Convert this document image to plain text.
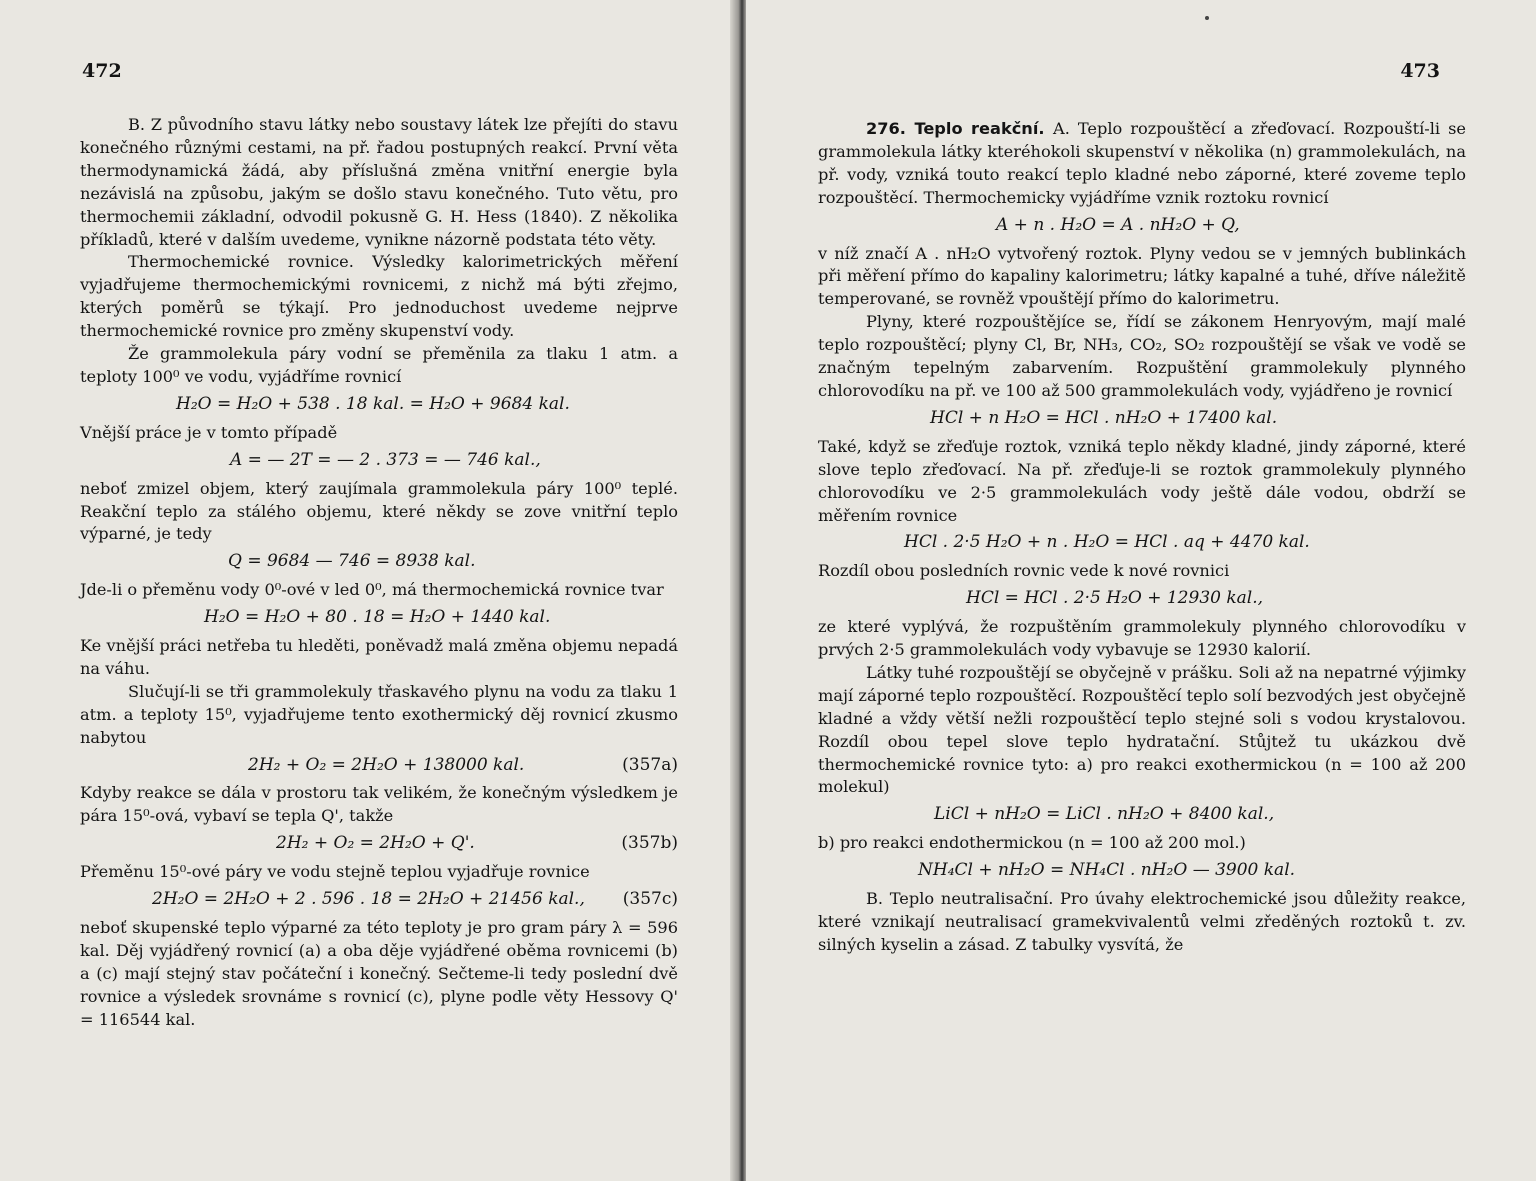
472

B. Z původního stavu látky nebo soustavy látek lze přejíti do stavu konečného různými cestami, na př. řadou postupných reakcí. První věta thermodynamická žádá, aby příslušná změna vnitřní energie byla nezávislá na způsobu, jakým se došlo stavu konečného. Tuto větu, pro thermochemii základní, odvodil pokusně G. H. Hess (1840). Z několika příkladů, které v dalším uvedeme, vynikne názorně podstata této věty.

Thermochemické rovnice. Výsledky kalorimetrických měření vyjadřujeme thermochemickými rovnicemi, z nichž má býti zřejmo, kterých poměrů se týkají. Pro jednoduchost uvedeme nejprve thermochemické rovnice pro změny skupenství vody.

Že grammolekula páry vodní se přeměnila za tlaku 1 atm. a teploty 100⁰ ve vodu, vyjádříme rovnicí

H₂O = H₂O + 538 . 18 kal. = H₂O + 9684 kal.

Vnější práce je v tomto případě

A = — 2T = — 2 . 373 = — 746 kal.,

neboť zmizel objem, který zaujímala grammolekula páry 100⁰ teplé. Reakční teplo za stálého objemu, které někdy se zove vnitřní teplo výparné, je tedy

Q = 9684 — 746 = 8938 kal.

Jde-li o přeměnu vody 0⁰-ové v led 0⁰, má thermochemická rovnice tvar

H₂O = H₂O + 80 . 18 = H₂O + 1440 kal.

Ke vnější práci netřeba tu hleděti, poněvadž malá změna objemu nepadá na váhu.

Slučují-li se tři grammolekuly třaskavého plynu na vodu za tlaku 1 atm. a teploty 15⁰, vyjadřujeme tento exothermický děj rovnicí zkusmo nabytou

2H₂ + O₂ = 2H₂O + 138000 kal.	(357a)

Kdyby reakce se dála v prostoru tak velikém, že konečným výsledkem je pára 15⁰-ová, vybaví se tepla Q', takže

2H₂ + O₂ = 2H₂O + Q'.	(357b)

Přeměnu 15⁰-ové páry ve vodu stejně teplou vyjadřuje rovnice

2H₂O = 2H₂O + 2 . 596 . 18 = 2H₂O + 21456 kal., (357c)

neboť skupenské teplo výparné za této teploty je pro gram páry λ = 596 kal. Děj vyjádřený rovnicí (a) a oba děje vyjádřené oběma rovnicemi (b) a (c) mají stejný stav počáteční i konečný. Sečteme-li tedy poslední dvě rovnice a výsledek srovnáme s rovnicí (c), plyne podle věty Hessovy Q' = 116544 kal.

473

276. Teplo reakční. A. Teplo rozpouštěcí a zřeďovací. Rozpouští-li se grammolekula látky kteréhokoli skupenství v několika (n) grammolekulách, na př. vody, vzniká touto reakcí teplo kladné nebo záporné, které zoveme teplo rozpouštěcí. Thermochemicky vyjádříme vznik roztoku rovnicí

A + n . H₂O = A . nH₂O + Q,

v níž značí A . nH₂O vytvořený roztok. Plyny vedou se v jemných bublinkách při měření přímo do kapaliny kalorimetru; látky kapalné a tuhé, dříve náležitě temperované, se rovněž vpouštějí přímo do kalorimetru.

Plyny, které rozpouštějíce se, řídí se zákonem Henryovým, mají malé teplo rozpouštěcí; plyny Cl, Br, NH₃, CO₂, SO₂ rozpouštějí se však ve vodě se značným tepelným zabarvením. Rozpuštění grammolekuly plynného chlorovodíku na př. ve 100 až 500 grammolekulách vody, vyjádřeno je rovnicí

HCl + n H₂O = HCl . nH₂O + 17400 kal.

Také, když se zřeďuje roztok, vzniká teplo někdy kladné, jindy záporné, které slove teplo zřeďovací. Na př. zřeďuje-li se roztok grammolekuly plynného chlorovodíku ve 2·5 grammolekulách vody ještě dále vodou, obdrží se měřením rovnice

HCl . 2·5 H₂O + n . H₂O = HCl . aq + 4470 kal.

Rozdíl obou posledních rovnic vede k nové rovnici

HCl = HCl . 2·5 H₂O + 12930 kal.,

ze které vyplývá, že rozpuštěním grammolekuly plynného chlorovodíku v prvých 2·5 grammolekulách vody vybavuje se 12930 kalorií.

Látky tuhé rozpouštějí se obyčejně v prášku. Soli až na nepatrné výjimky mají záporné teplo rozpouštěcí. Rozpouštěcí teplo solí bezvodých jest obyčejně kladné a vždy větší nežli rozpouštěcí teplo stejné soli s vodou krystalovou. Rozdíl obou tepel slove teplo hydratační. Stůjtež tu ukázkou dvě thermochemické rovnice tyto: a) pro reakci exothermickou (n = 100 až 200 molekul)

LiCl + nH₂O = LiCl . nH₂O + 8400 kal.,

b) pro reakci endothermickou (n = 100 až 200 mol.)

NH₄Cl + nH₂O = NH₄Cl . nH₂O — 3900 kal.

B. Teplo neutralisační. Pro úvahy elektrochemické jsou důležity reakce, které vznikají neutralisací gramekvivalentů velmi zředěných roztoků t. zv. silných kyselin a zásad. Z tabulky vysvítá, že
